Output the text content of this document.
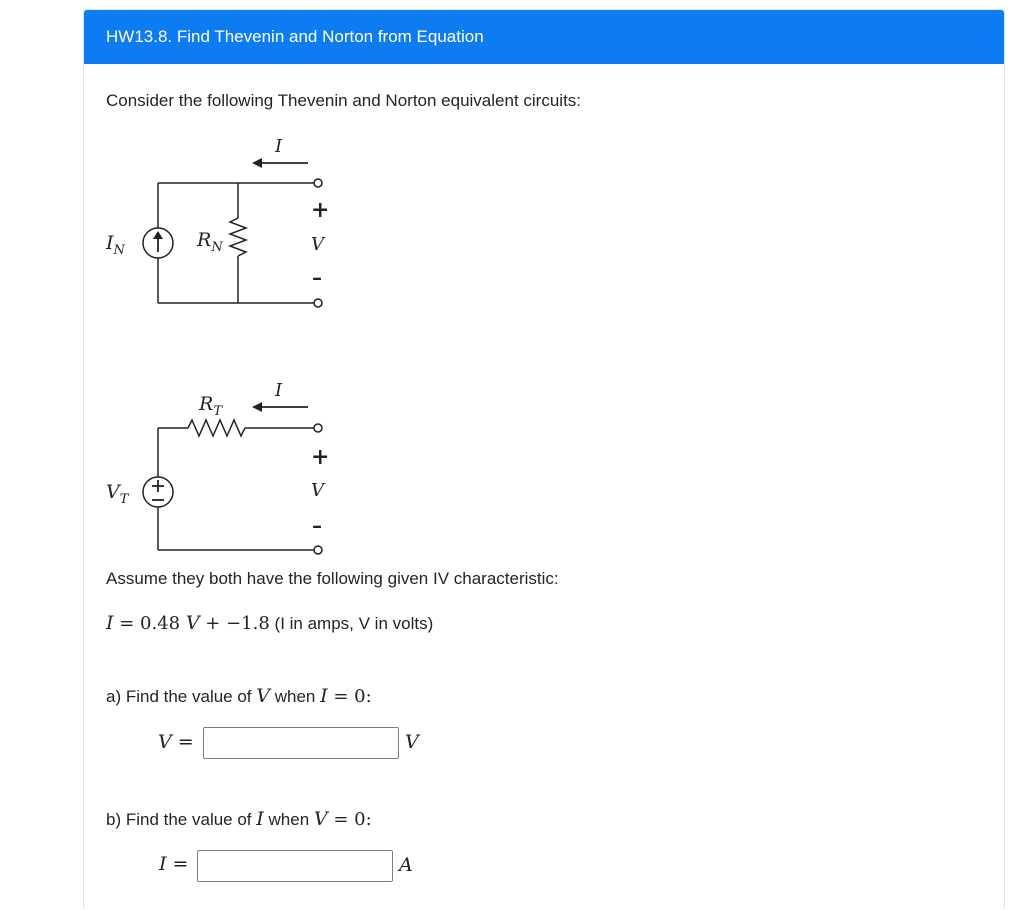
HW13.8. Find Thevenin and Norton from Equation
Consider the following Thevenin and Norton equivalent circuits:
I
+
V
–
$I_N$	$R_N$
I
+
V
–
$V_T$
$R_T$
Assume they both have the following given IV characteristic:
I = 0.48 V + −1.8 (I in amps, V in volts)
a) Find the value of V when I = 0:
V =	V
b) Find the value of I when V = 0:
I =	A
